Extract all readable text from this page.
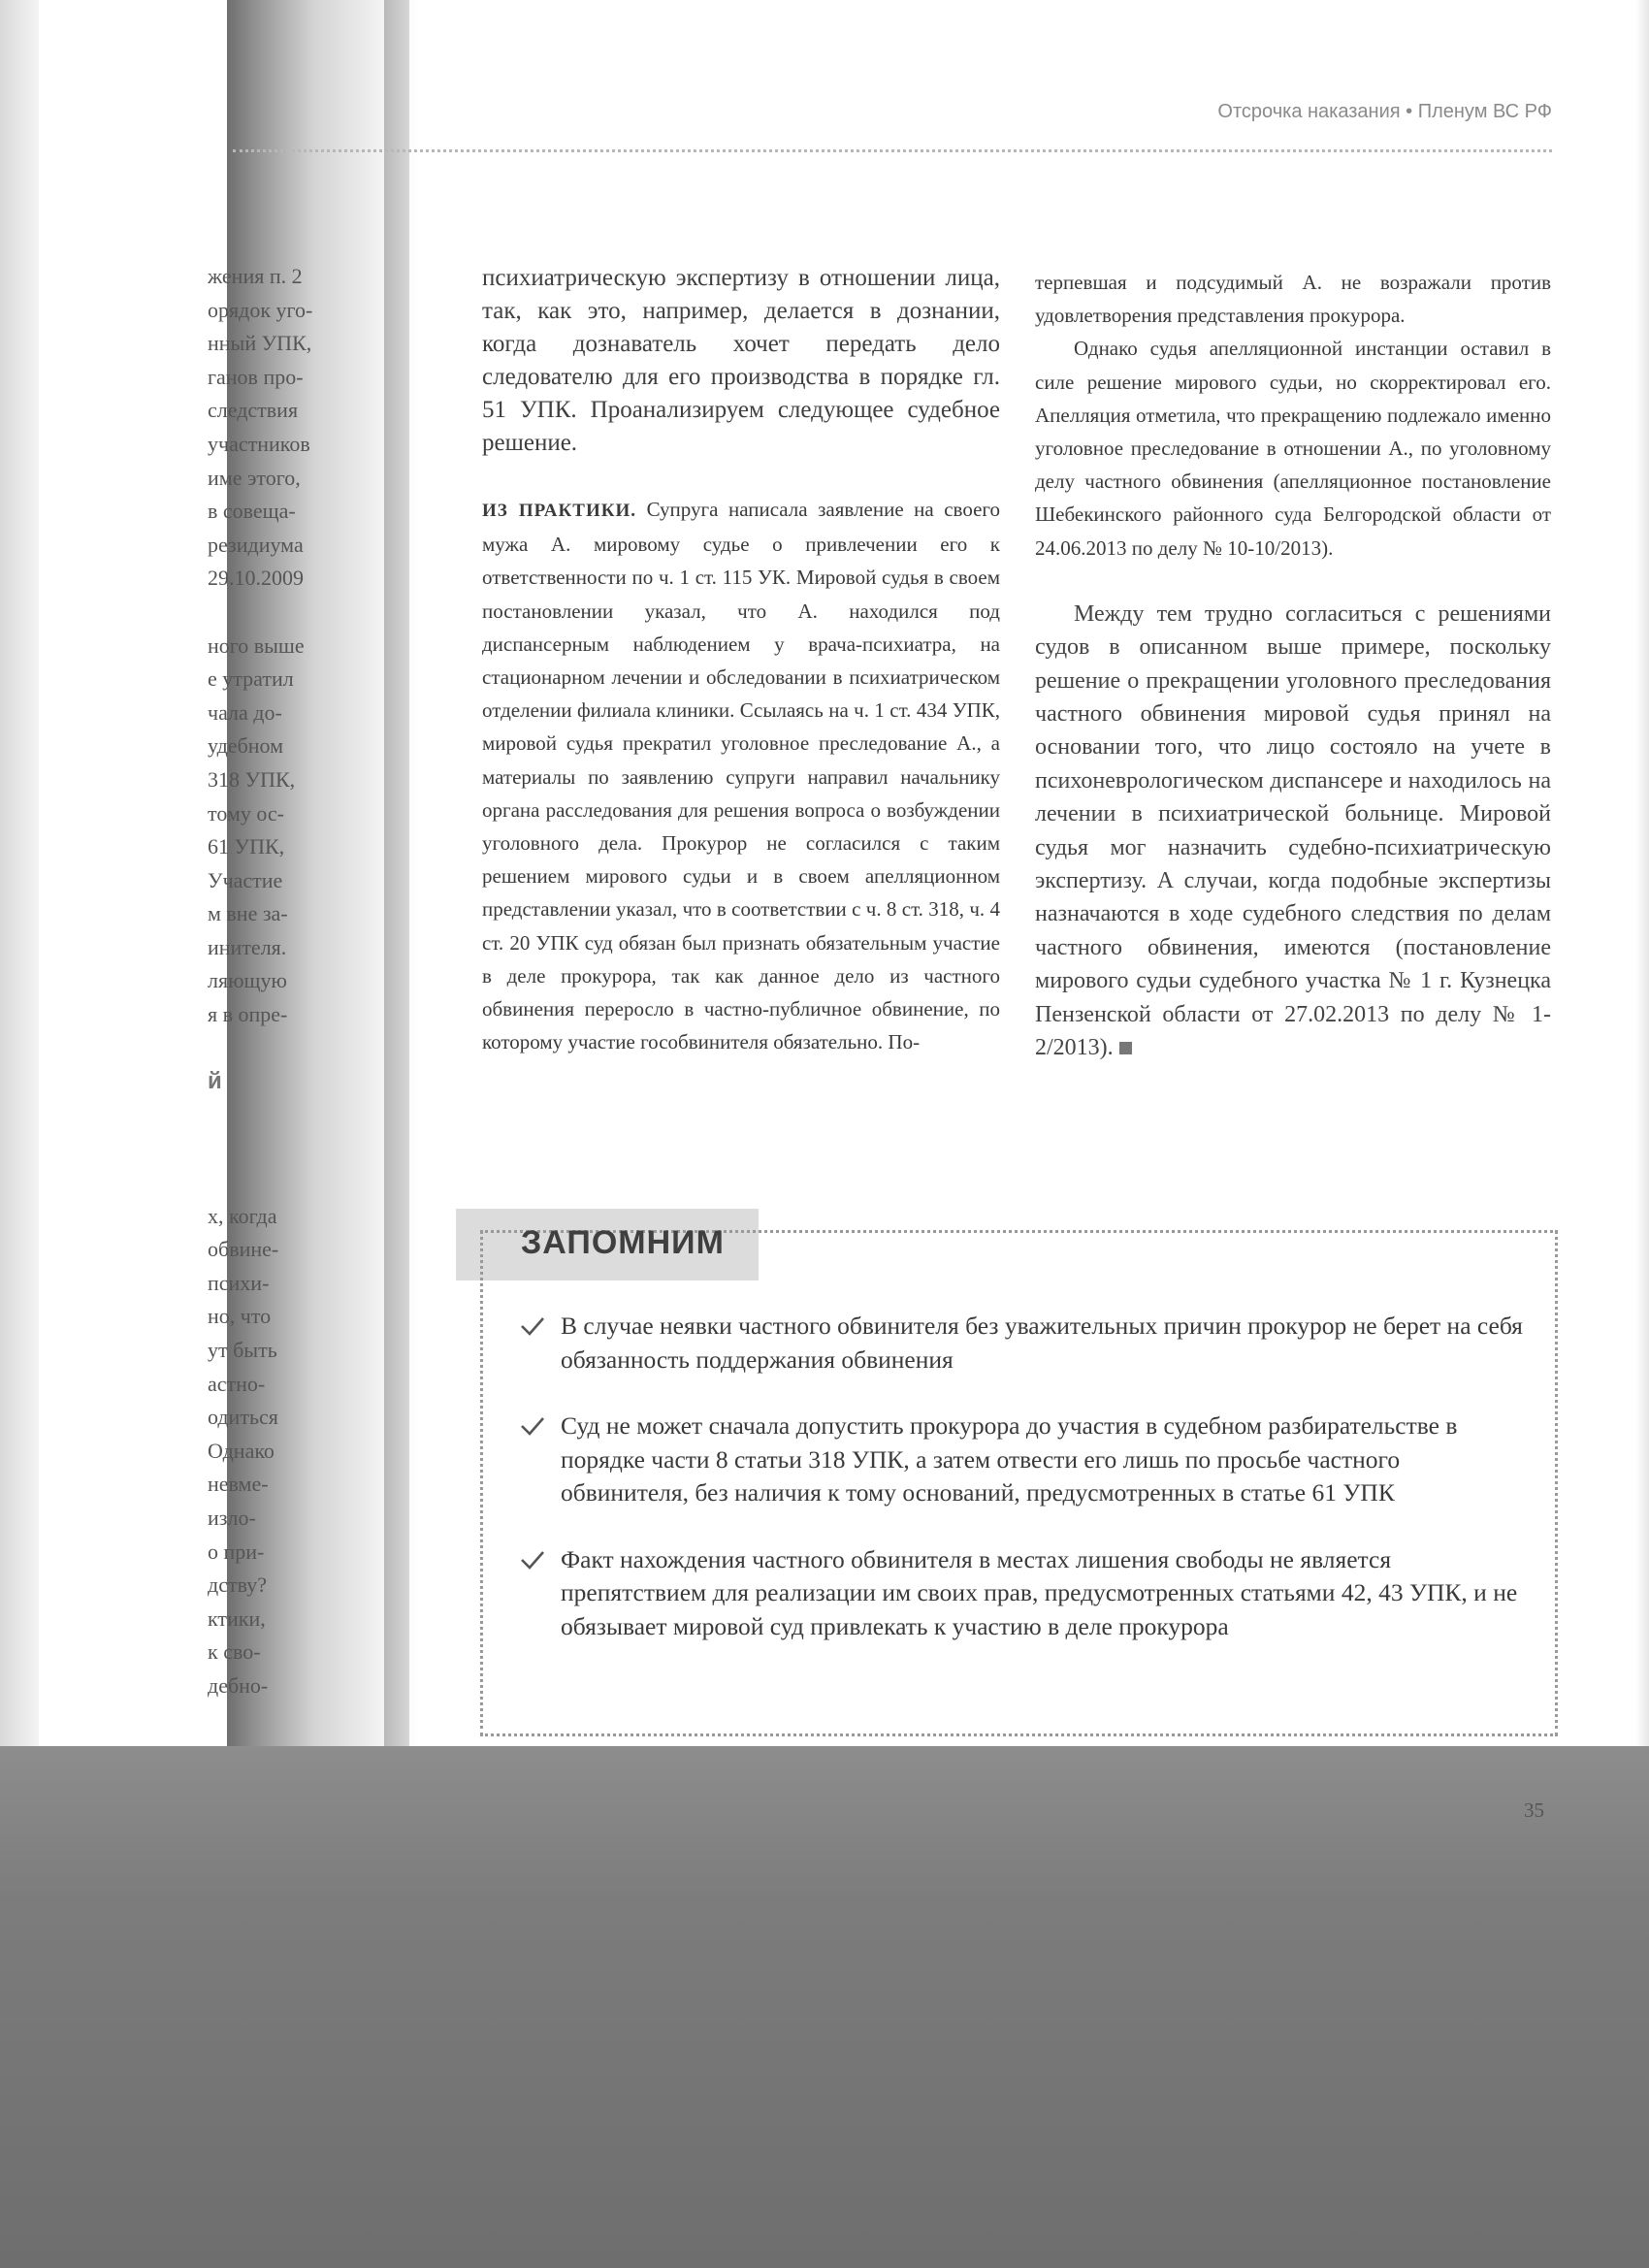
Отсрочка наказания • Пленум ВС РФ
жения п. 2
орядок уго-
нный УПК,
ганов про-
следствия
участников
име этого,
в совеща-
резидиума
29.10.2009
ного выше
е утратил
чала до-
удебном
318 УПК,
тому ос-
61 УПК,
Участие
м вне за-
инителя.
ляющую
я в опре-
й
х, когда
обвине-
психи-
но, что
ут быть
астно-
одиться
Однако
невме-
изло-
о при-
дству?
ктики,
к сво-
дебно-

психиатрическую экспертизу в отношении лица, так, как это, например, делается в дознании, когда дознаватель хочет передать дело следователю для его производства в порядке гл. 51 УПК. Проанализируем следующее судебное решение.

ИЗ ПРАКТИКИ. Супруга написала заявление на своего мужа А. мировому судье о привлечении его к ответственности по ч. 1 ст. 115 УК. Мировой судья в своем постановлении указал, что А. находился под диспансерным наблюдением у врача-психиатра, на стационарном лечении и обследовании в психиатрическом отделении филиала клиники. Ссылаясь на ч. 1 ст. 434 УПК, мировой судья прекратил уголовное преследование А., а материалы по заявлению супруги направил начальнику органа расследования для решения вопроса о возбуждении уголовного дела. Прокурор не согласился с таким решением мирового судьи и в своем апелляционном представлении указал, что в соответствии с ч. 8 ст. 318, ч. 4 ст. 20 УПК суд обязан был признать обязательным участие в деле прокурора, так как данное дело из частного обвинения переросло в частно-публичное обвинение, по которому участие гособвинителя обязательно. По-

терпевшая и подсудимый А. не возражали против удовлетворения представления прокурора.

Однако судья апелляционной инстанции оставил в силе решение мирового судьи, но скорректировал его. Апелляция отметила, что прекращению подлежало именно уголовное преследование в отношении А., по уголовному делу частного обвинения (апелляционное постановление Шебекинского районного суда Белгородской области от 24.06.2013 по делу № 10-10/2013).

Между тем трудно согласиться с решениями судов в описанном выше примере, поскольку решение о прекращении уголовного преследования частного обвинения мировой судья принял на основании того, что лицо состояло на учете в психоневрологическом диспансере и находилось на лечении в психиатрической больнице. Мировой судья мог назначить судебно-психиатрическую экспертизу. А случаи, когда подобные экспертизы назначаются в ходе судебного следствия по делам частного обвинения, имеются (постановление мирового судьи судебного участка № 1 г. Кузнецка Пензенской области от 27.02.2013 по делу № 1-2/2013).

ЗАПОМНИМ
В случае неявки частного обвинителя без уважительных причин прокурор не берет на себя обязанность поддержания обвинения
Суд не может сначала допустить прокурора до участия в судебном разбирательстве в порядке части 8 статьи 318 УПК, а затем отвести его лишь по просьбе частного обвинителя, без наличия к тому оснований, предусмотренных в статье 61 УПК
Факт нахождения частного обвинителя в местах лишения свободы не является препятствием для реализации им своих прав, предусмотренных статьями 42, 43 УПК, и не обязывает мировой суд привлекать к участию в деле прокурора
35
